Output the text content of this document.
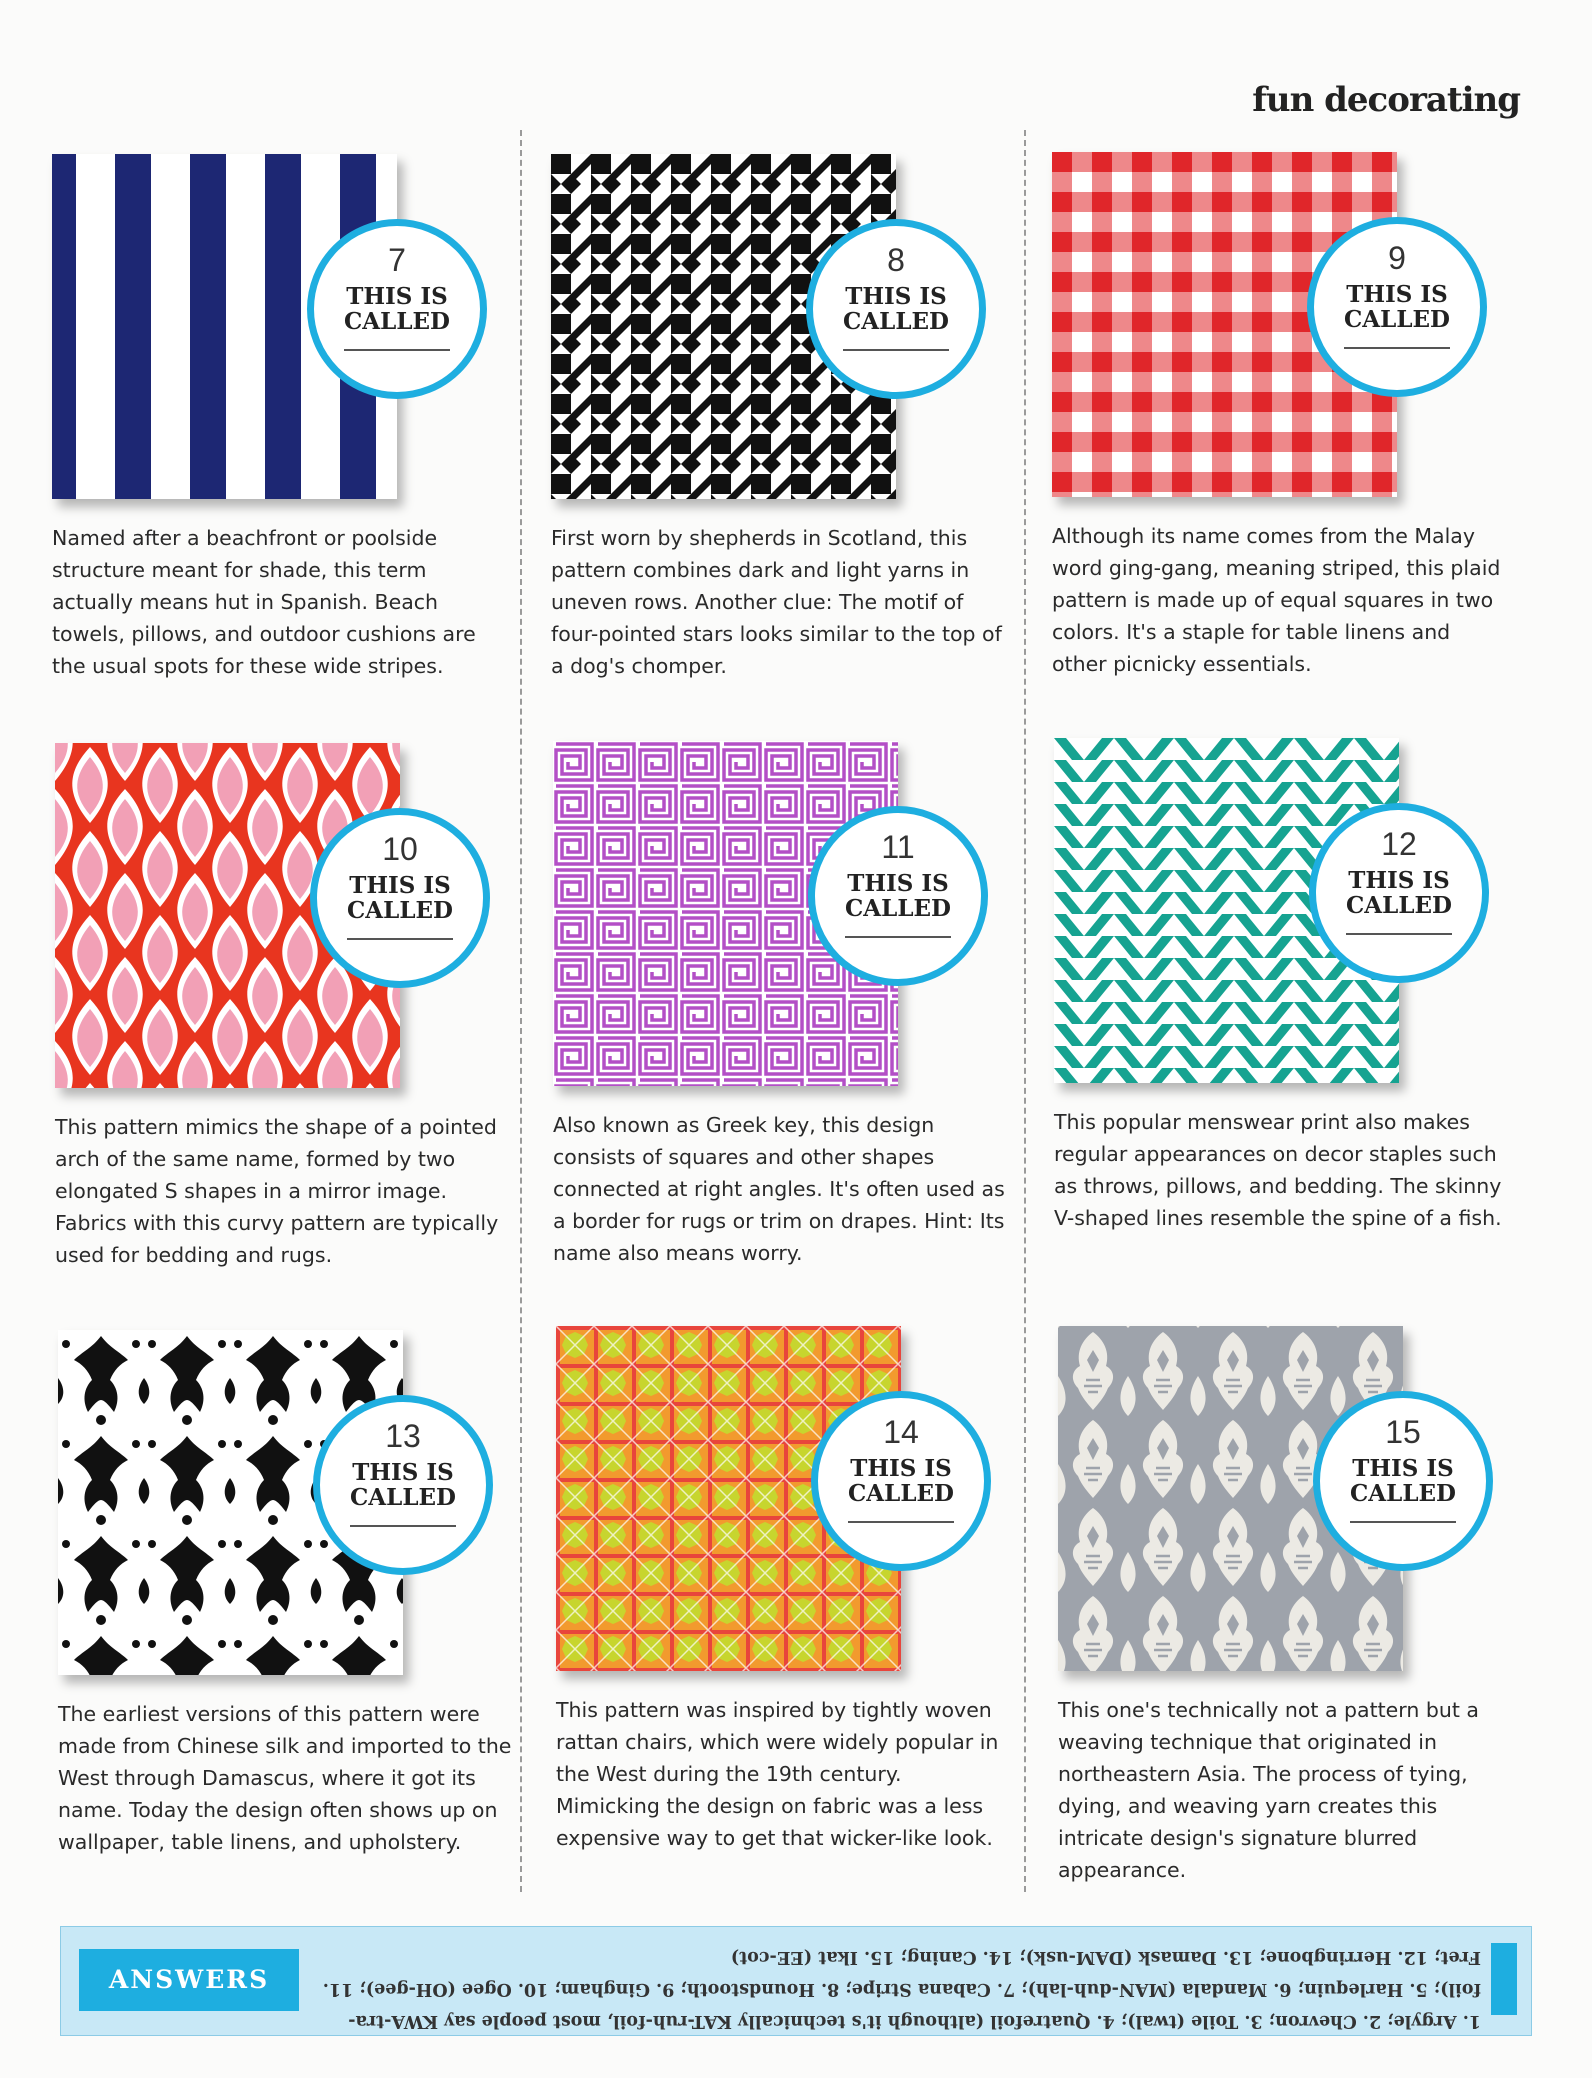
fun decorating
7
THIS IS
CALLED
Named after a beachfront or poolside structure meant for shade, this term actually means hut in Spanish. Beach towels, pillows, and outdoor cushions are the usual spots for these wide stripes.
8
THIS IS
CALLED
First worn by shepherds in Scotland, this pattern combines dark and light yarns in uneven rows. Another clue: The motif of four-pointed stars looks similar to the top of a dog's chomper.
9
THIS IS
CALLED
Although its name comes from the Malay word ging-gang, meaning striped, this plaid pattern is made up of equal squares in two colors. It's a staple for table linens and other picnicky essentials.
10
THIS IS
CALLED
This pattern mimics the shape of a pointed arch of the same name, formed by two elongated S shapes in a mirror image. Fabrics with this curvy pattern are typically used for bedding and rugs.
11
THIS IS
CALLED
Also known as Greek key, this design consists of squares and other shapes connected at right angles. It's often used as a border for rugs or trim on drapes. Hint: Its name also means worry.
12
THIS IS
CALLED
This popular menswear print also makes regular appearances on decor staples such as throws, pillows, and bedding. The skinny V-shaped lines resemble the spine of a fish.
13
THIS IS
CALLED
The earliest versions of this pattern were made from Chinese silk and imported to the West through Damascus, where it got its name. Today the design often shows up on wallpaper, table linens, and upholstery.
14
THIS IS
CALLED
This pattern was inspired by tightly woven rattan chairs, which were widely popular in the West during the 19th century. Mimicking the design on fabric was a less expensive way to get that wicker-like look.
15
THIS IS
CALLED
This one's technically not a pattern but a weaving technique that originated in northeastern Asia. The process of tying, dying, and weaving yarn creates this intricate design's signature blurred appearance.
ANSWERS
1. Argyle; 2. Chevron; 3. Toile (twal); 4. Quatrefoil (although it's technically KAT-ruh-foil, most people say KWA-tra-foil); 5. Harlequin; 6. Mandala (MAN-duh-lah); 7. Cabana Stripe; 8. Houndstooth; 9. Gingham; 10. Ogee (OH-gee); 11. Fret; 12. Herringbone; 13. Damask (DAM-usk); 14. Caning; 15. Ikat (EE-cot)
